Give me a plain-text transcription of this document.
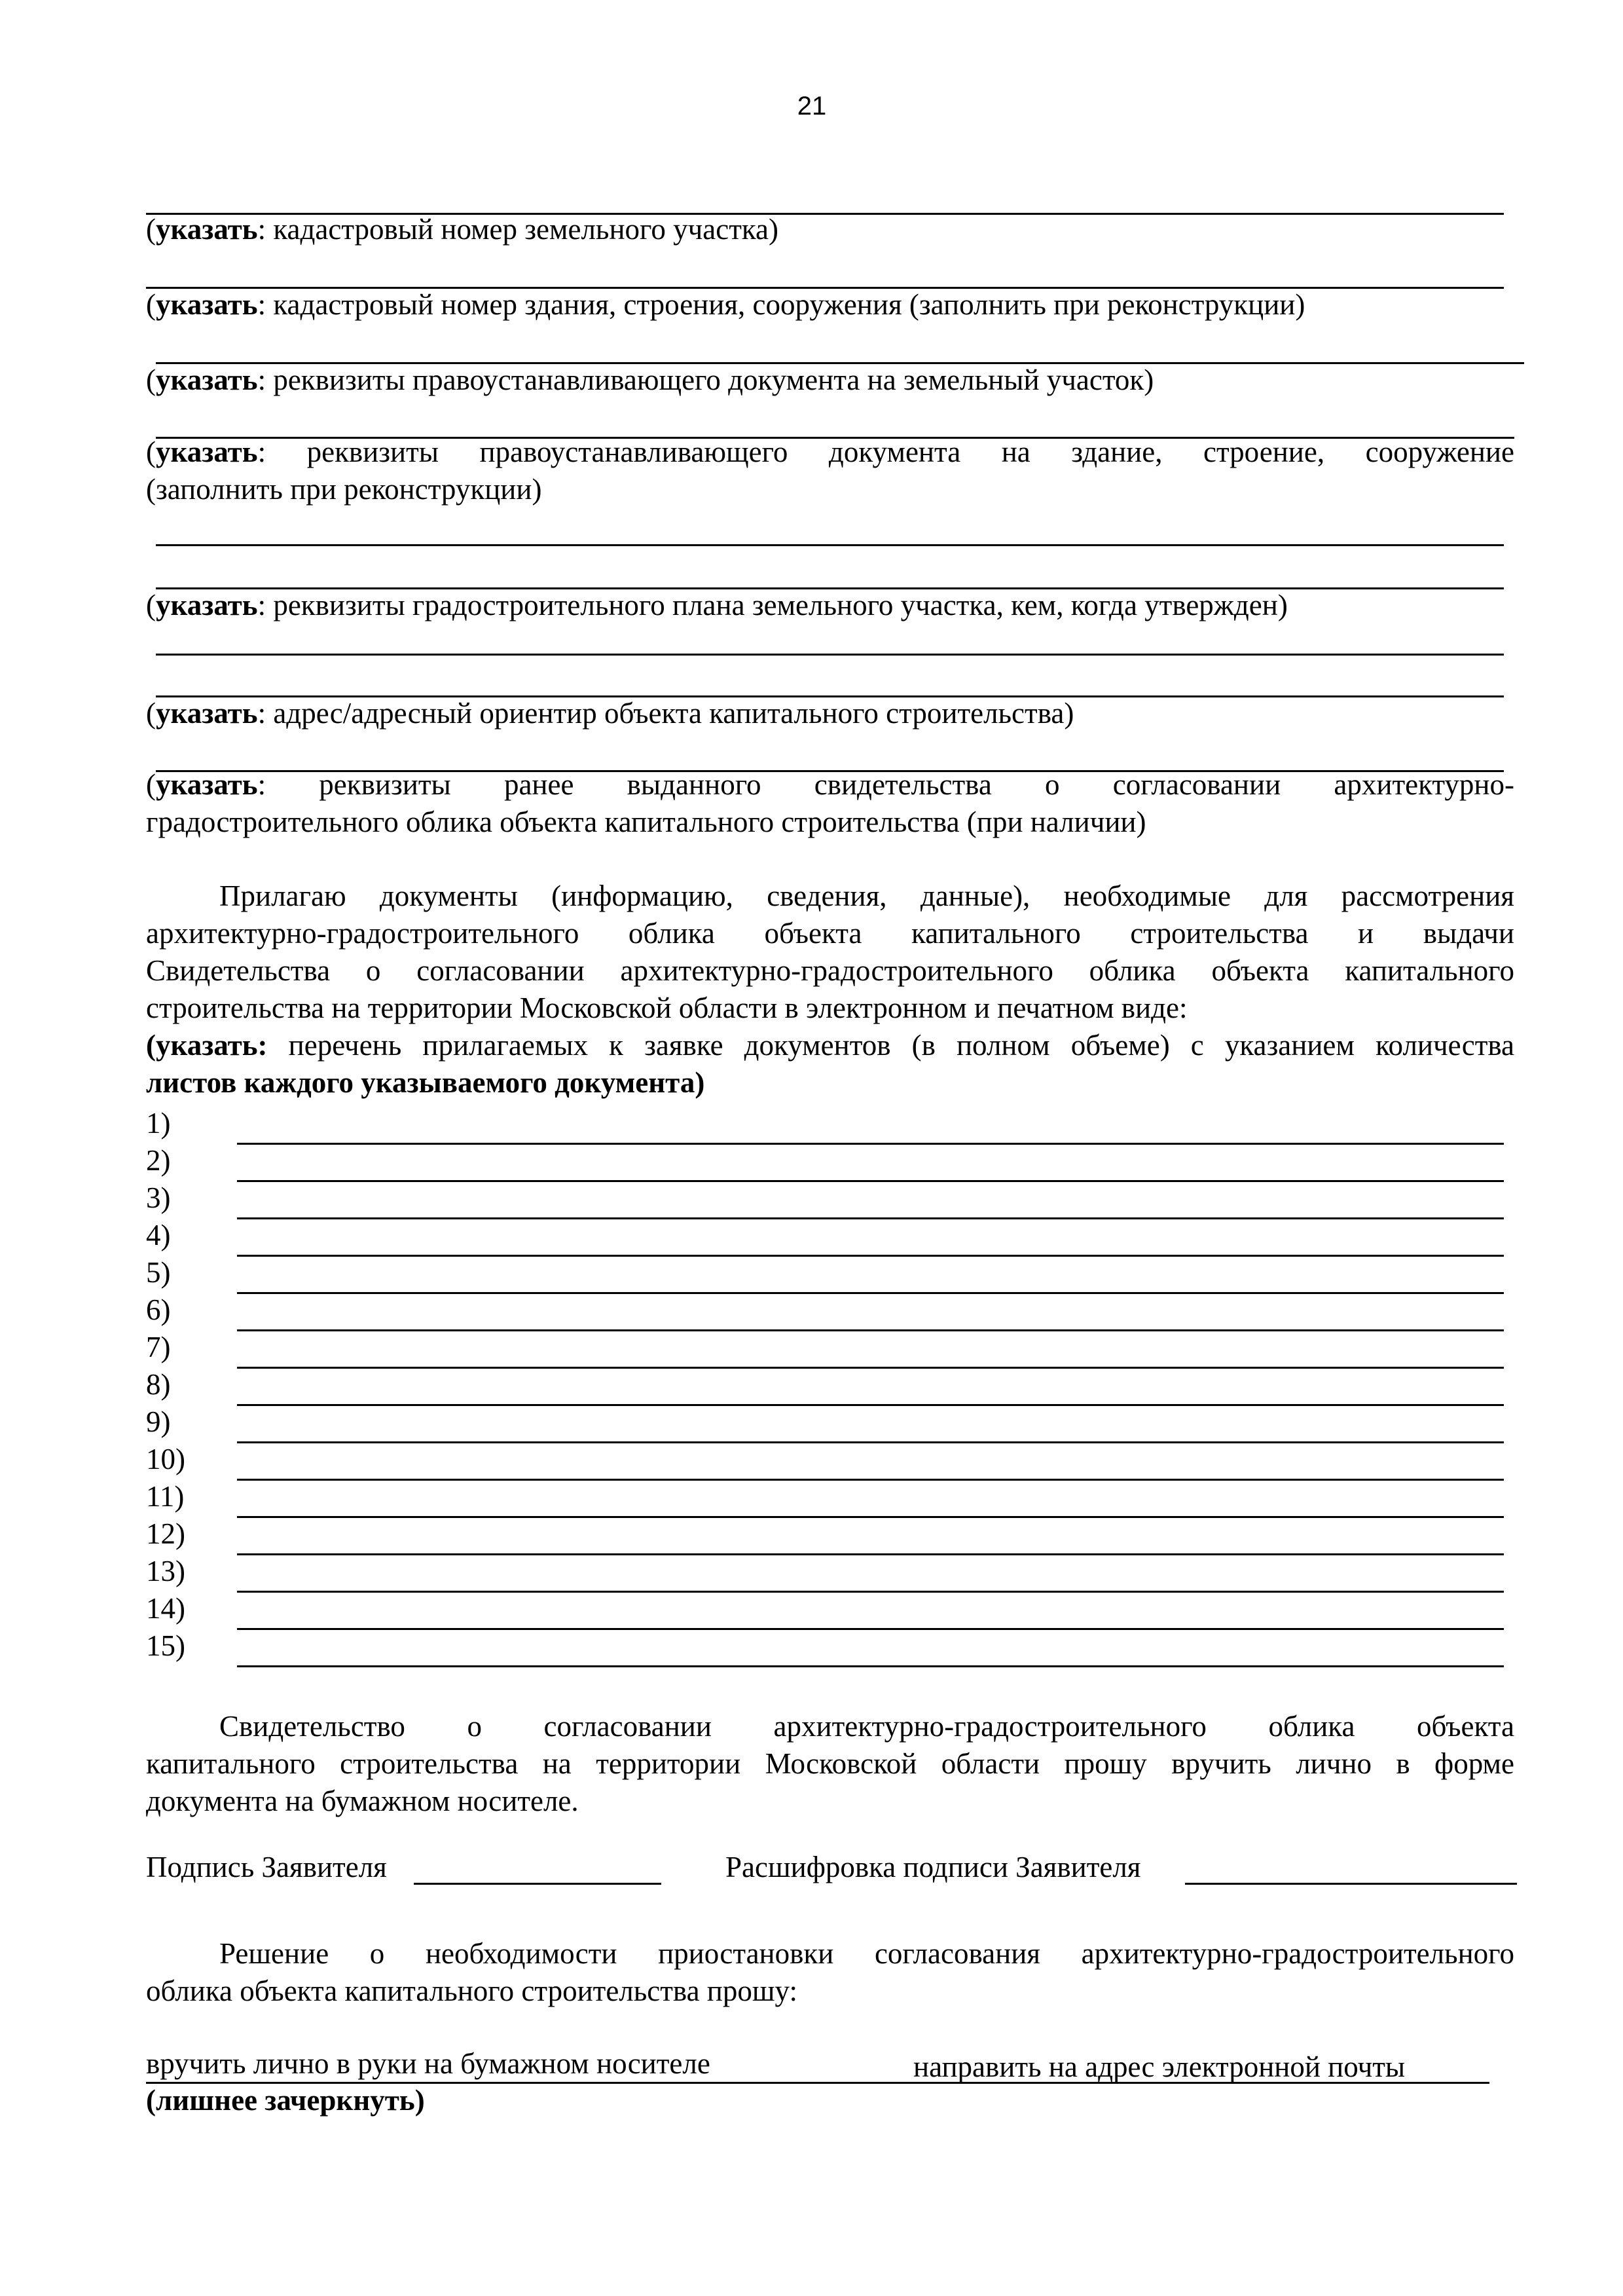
21
(указать: кадастровый номер земельного участка)
(указать: кадастровый номер здания, строения, сооружения (заполнить при реконструкции)
(указать: реквизиты правоустанавливающего документа на земельный участок)
(указать: реквизиты правоустанавливающего документа на здание, строение, сооружение
(заполнить при реконструкции)
(указать: реквизиты градостроительного плана земельного участка, кем, когда утвержден)
(указать: адрес/адресный ориентир объекта капитального строительства)
(указать: реквизиты ранее выданного свидетельства о согласовании архитектурно-
градостроительного облика объекта капитального строительства (при наличии)
Прилагаю документы (информацию, сведения, данные), необходимые для рассмотрения
архитектурно-градостроительного облика объекта капитального строительства и выдачи
Свидетельства о согласовании архитектурно-градостроительного облика объекта капитального
строительства на территории Московской области в электронном и печатном виде:
(указать: перечень прилагаемых к заявке документов (в полном объеме) с указанием количества
листов каждого указываемого документа)
1)
2)
3)
4)
5)
6)
7)
8)
9)
10)
11)
12)
13)
14)
15)
Свидетельство о согласовании архитектурно-градостроительного облика объекта
капитального строительства на территории Московской области прошу вручить лично в форме
документа на бумажном носителе.
Подпись Заявителя	Расшифровка подписи Заявителя
Решение о необходимости приостановки согласования архитектурно-градостроительного
облика объекта капитального строительства прошу:
вручить лично в руки на бумажном носителе	направить на адрес электронной почты
(лишнее зачеркнуть)
